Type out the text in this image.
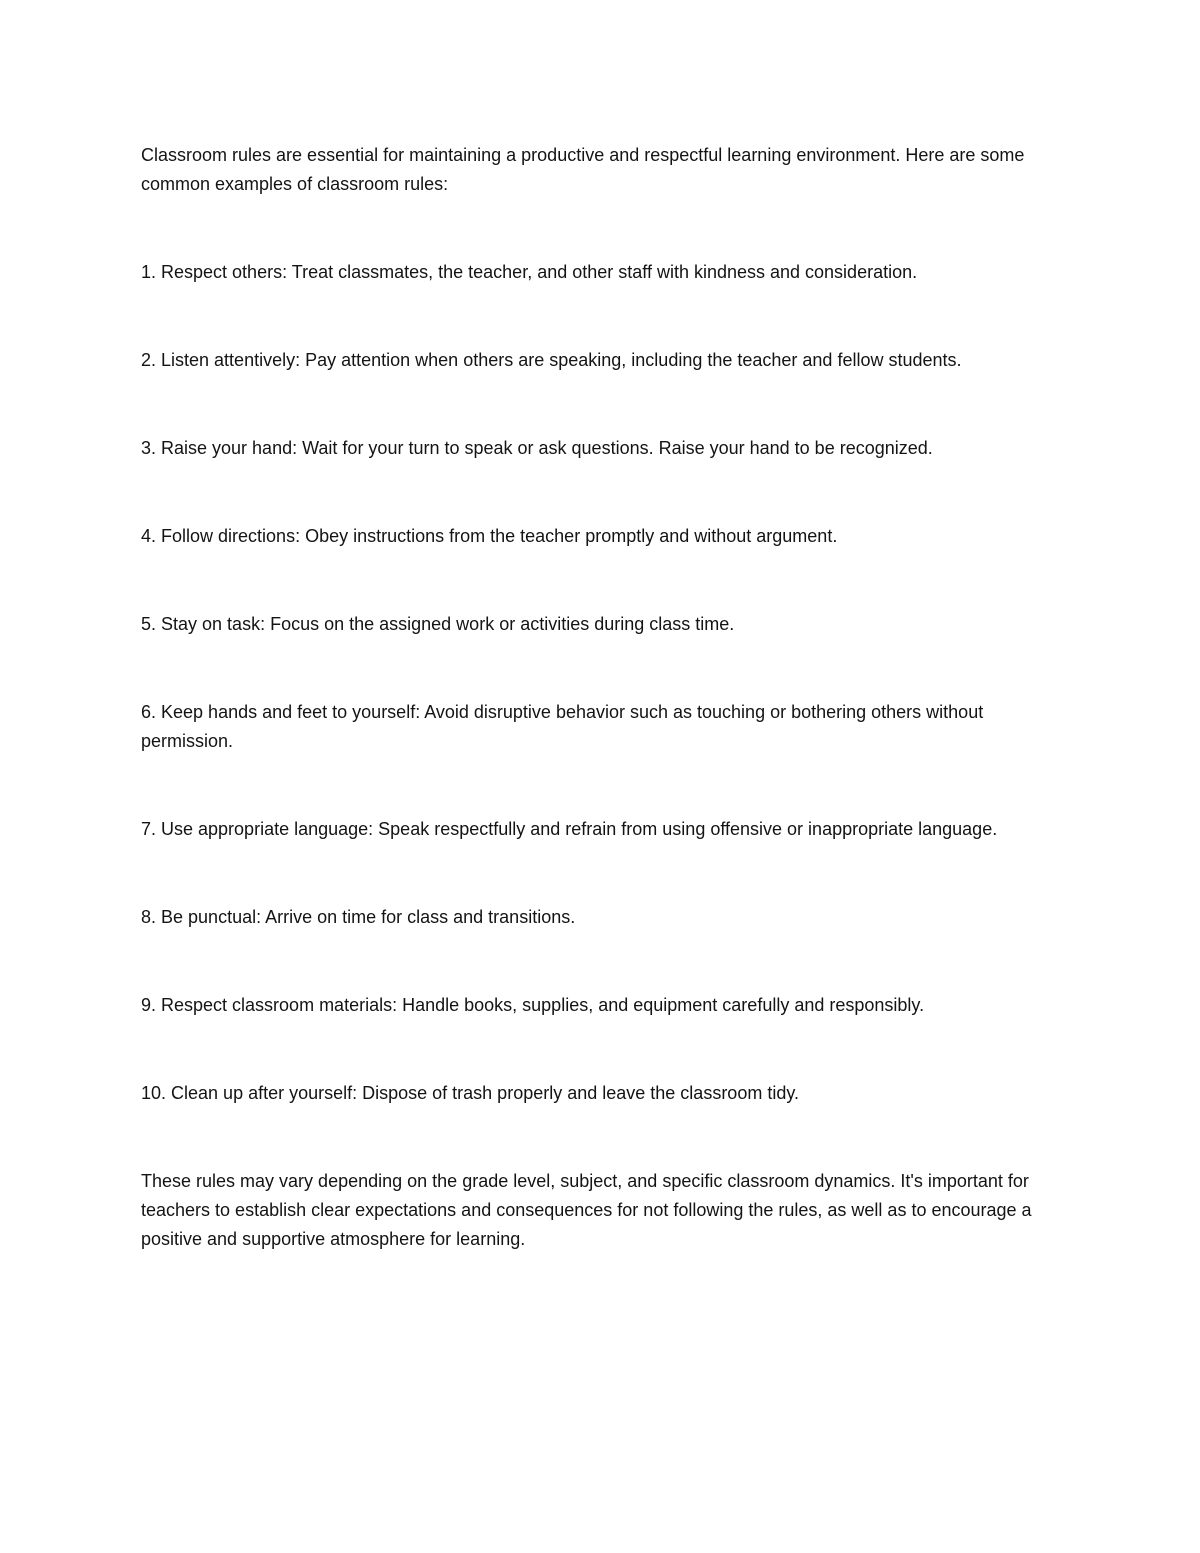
Classroom rules are essential for maintaining a productive and respectful learning environment. Here are some common examples of classroom rules:

1. Respect others: Treat classmates, the teacher, and other staff with kindness and consideration.

2. Listen attentively: Pay attention when others are speaking, including the teacher and fellow students.

3. Raise your hand: Wait for your turn to speak or ask questions. Raise your hand to be recognized.

4. Follow directions: Obey instructions from the teacher promptly and without argument.

5. Stay on task: Focus on the assigned work or activities during class time.

6. Keep hands and feet to yourself: Avoid disruptive behavior such as touching or bothering others without permission.

7. Use appropriate language: Speak respectfully and refrain from using offensive or inappropriate language.

8. Be punctual: Arrive on time for class and transitions.

9. Respect classroom materials: Handle books, supplies, and equipment carefully and responsibly.

10. Clean up after yourself: Dispose of trash properly and leave the classroom tidy.

These rules may vary depending on the grade level, subject, and specific classroom dynamics. It's important for teachers to establish clear expectations and consequences for not following the rules, as well as to encourage a positive and supportive atmosphere for learning.
